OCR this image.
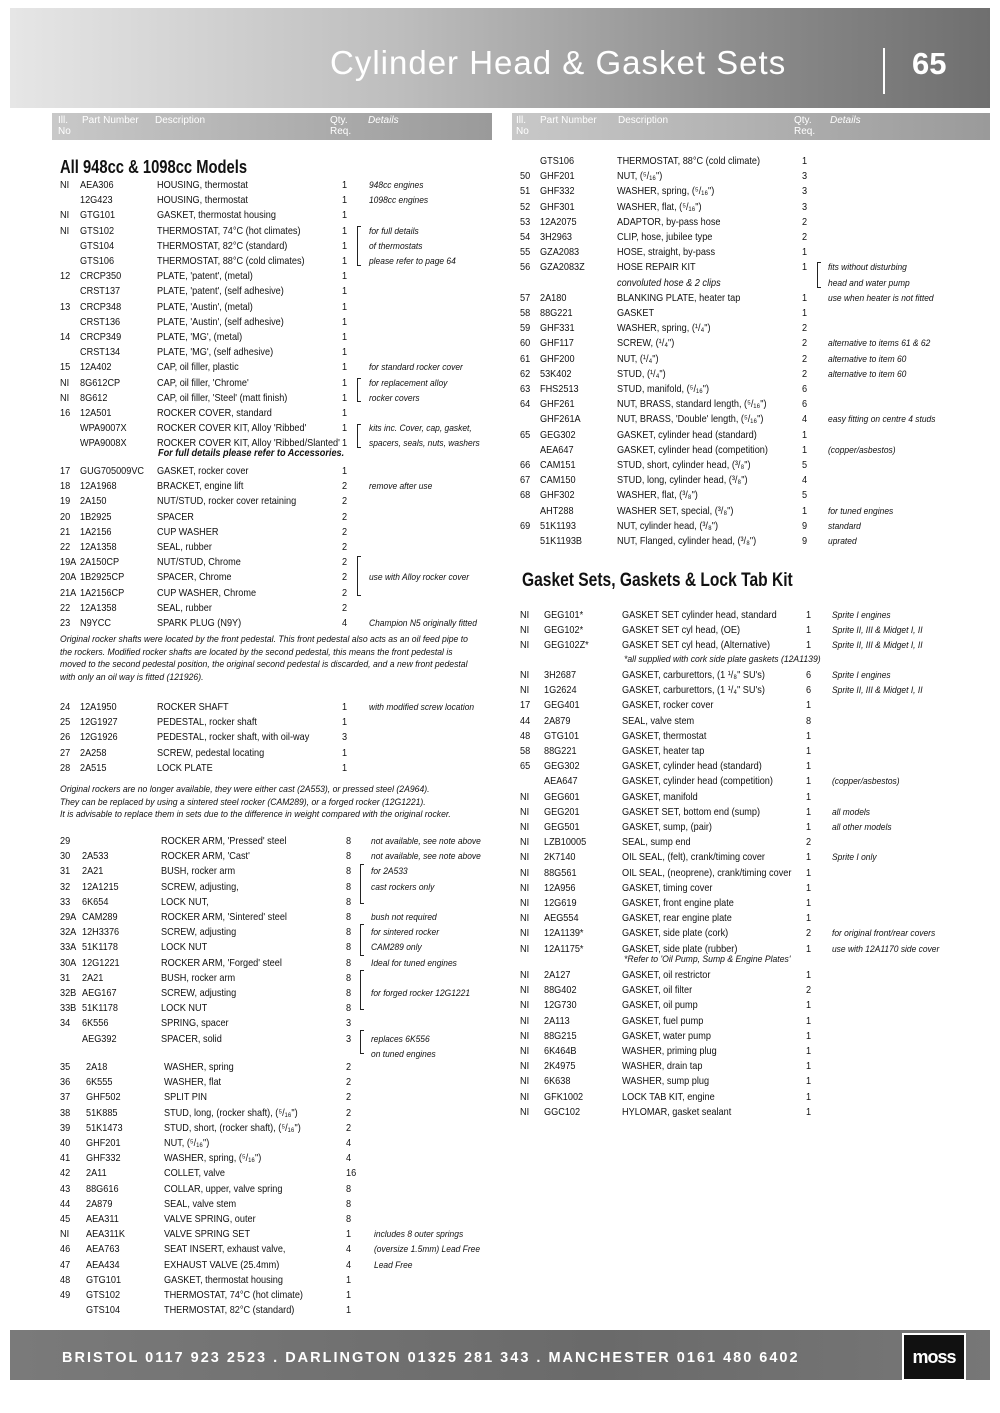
Cylinder Head & Gasket Sets	65
Ill. No
Part Number Description	Qty. Req.
Details	Ill. No
Part Number Description	Qty. Req.
Details
All 948cc & 1098cc Models
NI AEA306	HOUSING, thermostat	1 948cc engines
12G423	HOUSING, thermostat	1 1098cc engines
NI GTG101	GASKET, thermostat housing	1
NI GTS102	THERMOSTAT, 74°C (hot climates)	1 for full details
GTS104	THERMOSTAT, 82°C (standard)	1 of thermostats
GTS106	THERMOSTAT, 88°C (cold climates)	1 please refer to page 64
12 CRCP350	PLATE, 'patent', (metal)	1
CRST137	PLATE, 'patent', (self adhesive)	1
13 CRCP348	PLATE, 'Austin', (metal)	1
CRST136	PLATE, 'Austin', (self adhesive)	1
14 CRCP349	PLATE, 'MG', (metal)	1
CRST134	PLATE, 'MG', (self adhesive)	1
15 12A402	CAP, oil filler, plastic	1 for standard rocker cover
NI 8G612CP	CAP, oil filler, 'Chrome'	1 for replacement alloy
NI 8G612	CAP, oil filler, 'Steel' (matt finish)	1 rocker covers
16 12A501	ROCKER COVER, standard	1
WPA9007X	ROCKER COVER KIT, Alloy 'Ribbed'	1 kits inc. Cover, cap, gasket,
WPA9008X	ROCKER COVER KIT, Alloy 'Ribbed/Slanted' 1 spacers, seals, nuts, washers
For full details please refer to Accessories.
17 GUG705009VC GASKET, rocker cover	1
18 12A1968	BRACKET, engine lift	2 remove after use
19 2A150	NUT/STUD, rocker cover retaining	2
20 1B2925	SPACER	2
21 1A2156	CUP WASHER	2
22 12A1358	SEAL, rubber	2
19A 2A150CP	NUT/STUD, Chrome	2
20A 1B2925CP	SPACER, Chrome	2 use with Alloy rocker cover
21A 1A2156CP	CUP WASHER, Chrome	2
22 12A1358	SEAL, rubber	2
23 N9YCC	SPARK PLUG (N9Y)	4 Champion N5 originally fitted
Original rocker shafts were located by the front pedestal. This front pedestal also acts as an oil feed pipe to
the rockers. Modified rocker shafts are located by the second pedestal, this means the front pedestal is
moved to the second pedestal position, the original second pedestal is discarded, and a new front pedestal
with only an oil way is fitted (121926).
24 12A1950	ROCKER SHAFT	1 with modified screw location
25 12G1927	PEDESTAL, rocker shaft	1
26 12G1926	PEDESTAL, rocker shaft, with oil-way	3
27 2A258	SCREW, pedestal locating	1
28 2A515	LOCK PLATE	1
Original rockers are no longer available, they were either cast (2A553), or pressed steel (2A964).
They can be replaced by using a sintered steel rocker (CAM289), or a forged rocker (12G1221).
It is advisable to replace them in sets due to the difference in weight compared with the original rocker.
29	ROCKER ARM, 'Pressed' steel	8 not available, see note above
30 2A533	ROCKER ARM, 'Cast'	8 not available, see note above
31 2A21	BUSH, rocker arm	8 for 2A533
32 12A1215	SCREW, adjusting,	8 cast rockers only
33 6K654	LOCK NUT,	8
29A CAM289	ROCKER ARM, 'Sintered' steel	8 bush not required
32A 12H3376	SCREW, adjusting	8 for sintered rocker
33A 51K1178	LOCK NUT	8 CAM289 only
30A 12G1221	ROCKER ARM, 'Forged' steel	8 Ideal for tuned engines
31 2A21	BUSH, rocker arm	8
32B AEG167	SCREW, adjusting	8 for forged rocker 12G1221
33B 51K1178	LOCK NUT	8
34 6K556	SPRING, spacer	3
AEG392	SPACER, solid	3 replaces 6K556
on tuned engines
35 2A18	WASHER, spring	2
36 6K555	WASHER, flat	2
37 GHF502	SPLIT PIN	2
38 51K885	STUD, long, (rocker shaft), (⁵/₁₆")	2
39 51K1473	STUD, short, (rocker shaft), (⁵/₁₆")	2
40 GHF201	NUT, (⁵/₁₆")	4
41 GHF332	WASHER, spring, (⁵/₁₆")	4
42 2A11	COLLET, valve	16
43 88G616	COLLAR, upper, valve spring	8
44 2A879	SEAL, valve stem	8
45 AEA311	VALVE SPRING, outer	8
NI AEA311K	VALVE SPRING SET	1 includes 8 outer springs
46 AEA763	SEAT INSERT, exhaust valve,	4 (oversize 1.5mm) Lead Free
47 AEA434	EXHAUST VALVE (25.4mm)	4 Lead Free
48 GTG101	GASKET, thermostat housing	1
49 GTS102	THERMOSTAT, 74°C (hot climate)	1
GTS104	THERMOSTAT, 82°C (standard)	1
GTS106	THERMOSTAT, 88°C (cold climate)	1
50 GHF201	NUT, (⁵/₁₆")	3
51 GHF332	WASHER, spring, (⁵/₁₆")	3
52 GHF301	WASHER, flat, (⁵/₁₆")	3
53 12A2075	ADAPTOR, by-pass hose	2
54 3H2963	CLIP, hose, jubilee type	2
55 GZA2083	HOSE, straight, by-pass	1
56 GZA2083Z	HOSE REPAIR KIT	1 fits without disturbing
convoluted hose & 2 clips	head and water pump
57 2A180	BLANKING PLATE, heater tap	1 use when heater is not fitted
58 88G221	GASKET	1
59 GHF331	WASHER, spring, (¹/₄")	2
60 GHF117	SCREW, (¹/₄")	2 alternative to items 61 & 62
61 GHF200	NUT, (¹/₄")	2 alternative to item 60
62 53K402	STUD, (¹/₄")	2 alternative to item 60
63 FHS2513	STUD, manifold, (⁵/₁₆")	6
64 GHF261	NUT, BRASS, standard length, (⁵/₁₆")	6
GHF261A	NUT, BRASS, 'Double' length, (⁵/₁₆")	4 easy fitting on centre 4 studs
65 GEG302	GASKET, cylinder head (standard)	1
AEA647	GASKET, cylinder head (competition)	1 (copper/asbestos)
66 CAM151	STUD, short, cylinder head, (³/₈")	5
67 CAM150	STUD, long, cylinder head, (³/₈")	4
68 GHF302	WASHER, flat, (³/₈")	5
AHT288	WASHER SET, special, (³/₈")	1 for tuned engines
69 51K1193	NUT, cylinder head, (³/₈")	9 standard
51K1193B	NUT, Flanged, cylinder head, (³/₈")	9 uprated
Gasket Sets, Gaskets & Lock Tab Kit
NI GEG101*	GASKET SET cylinder head, standard	1 Sprite I engines
NI GEG102*	GASKET SET cyl head, (OE)	1 Sprite II, III & Midget I, II
NI GEG102Z*	GASKET SET cyl head, (Alternative)	1 Sprite II, III & Midget I, II
*all supplied with cork side plate gaskets (12A1139)
NI 3H2687	GASKET, carburettors, (1 ¹/₈" SU's)	6 Sprite I engines
NI 1G2624	GASKET, carburettors, (1 ¹/₄" SU's)	6 Sprite II, III & Midget I, II
17 GEG401	GASKET, rocker cover	1
44 2A879	SEAL, valve stem	8
48 GTG101	GASKET, thermostat	1
58 88G221	GASKET, heater tap	1
65 GEG302	GASKET, cylinder head (standard)	1
AEA647	GASKET, cylinder head (competition)	1 (copper/asbestos)
NI GEG601	GASKET, manifold	1
NI GEG201	GASKET SET, bottom end (sump)	1 all models
NI GEG501	GASKET, sump, (pair)	1 all other models
NI LZB10005	SEAL, sump end	2
NI 2K7140	OIL SEAL, (felt), crank/timing cover	1 Sprite I only
NI 88G561	OIL SEAL, (neoprene), crank/timing cover 1
NI 12A956	GASKET, timing cover	1
NI 12G619	GASKET, front engine plate	1
NI AEG554	GASKET, rear engine plate	1
NI 12A1139*	GASKET, side plate (cork)	2 for original front/rear covers
NI 12A1175*	GASKET, side plate (rubber)	1 use with 12A1170 side cover
*Refer to 'Oil Pump, Sump & Engine Plates'
NI 2A127	GASKET, oil restrictor	1
NI 88G402	GASKET, oil filter	2
NI 12G730	GASKET, oil pump	1
NI 2A113	GASKET, fuel pump	1
NI 88G215	GASKET, water pump	1
NI 6K464B	WASHER, priming plug	1
NI 2K4975	WASHER, drain tap	1
NI 6K638	WASHER, sump plug	1
NI GFK1002	LOCK TAB KIT, engine	1
NI GGC102	HYLOMAR, gasket sealant	1
BRISTOL 0117 923 2523 . DARLINGTON 01325 281 343 . MANCHESTER 0161 480 6402	moss
